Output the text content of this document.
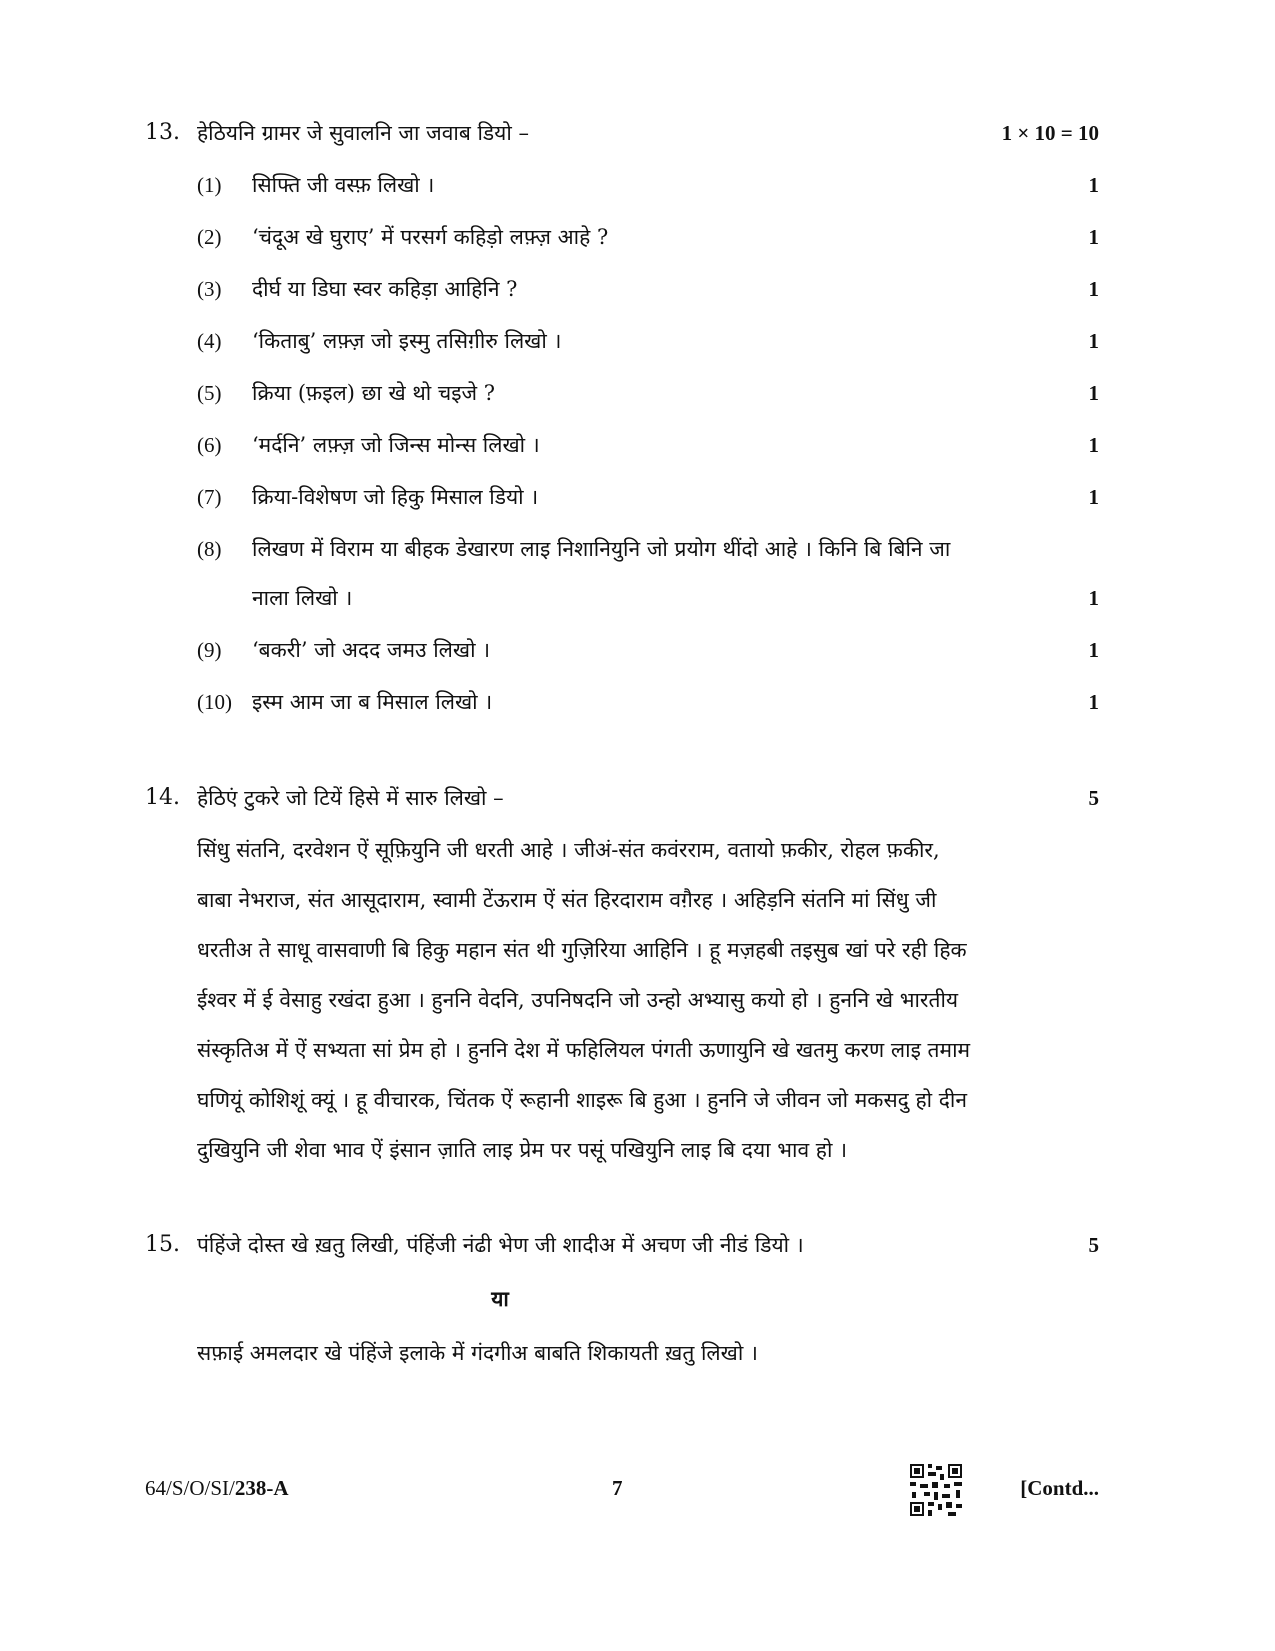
13. हेठियनि ग्रामर जे सुवालनि जा जवाब डियो –	1 × 10 = 10
(1) सिफ्ति जी वस्फ़ लिखो ।	1
(2) ‘चंदूअ खे घुराए’ में परसर्ग कहिड़ो लफ़्ज़ आहे ?	1
(3) दीर्घ या डिघा स्वर कहिड़ा आहिनि ?	1
(4) ‘किताबु’ लफ़्ज़ जो इस्मु तसिग़ीरु लिखो ।	1
(5) क्रिया (फ़इल) छा खे थो चइजे ?	1
(6) ‘मर्दनि’ लफ़्ज़ जो जिन्स मोन्स लिखो ।	1
(7) क्रिया-विशेषण जो हिकु मिसाल डियो ।	1
(8) लिखण में विराम या बीहक डेखारण लाइ निशानियुनि जो प्रयोग थींदो आहे । किनि बि बिनि जा
नाला लिखो ।	1
(9) ‘बकरी’ जो अदद जमउ लिखो ।	1
(10) इस्म आम जा ब मिसाल लिखो ।	1
14. हेठिएं टुकरे जो टियें हिसे में सारु लिखो –	5
सिंधु संतनि, दरवेशन ऐं सूफ़ियुनि जी धरती आहे । जीअं-संत कवंरराम, वतायो फ़कीर, रोहल फ़कीर,
बाबा नेभराज, संत आसूदाराम, स्वामी टेंऊराम ऐं संत हिरदाराम वग़ैरह । अहिड़नि संतनि मां सिंधु जी
धरतीअ ते साधू वासवाणी बि हिकु महान संत थी गुज़िरिया आहिनि । हू मज़हबी तइसुब खां परे रही हिक
ईश्वर में ई वेसाहु रखंदा हुआ । हुननि वेदनि, उपनिषदनि जो उन्हो अभ्यासु कयो हो । हुननि खे भारतीय
संस्कृतिअ में ऐं सभ्यता सां प्रेम हो । हुननि देश में फहिलियल पंगती ऊणायुनि खे खतमु करण लाइ तमाम
घणियूं कोशिशूं क्यूं । हू वीचारक, चिंतक ऐं रूहानी शाइरू बि हुआ । हुननि जे जीवन जो मकसदु हो दीन
दुखियुनि जी शेवा भाव ऐं इंसान ज़ाति लाइ प्रेम पर पसूं पखियुनि लाइ बि दया भाव हो ।
15. पंहिंजे दोस्त खे ख़तु लिखी, पंहिंजी नंढी भेण जी शादीअ में अचण जी नीडं डियो ।	5
या
सफ़ाई अमलदार खे पंहिंजे इलाके में गंदगीअ बाबति शिकायती ख़तु लिखो ।
64/S/O/SI/238-A	7	[Contd...
